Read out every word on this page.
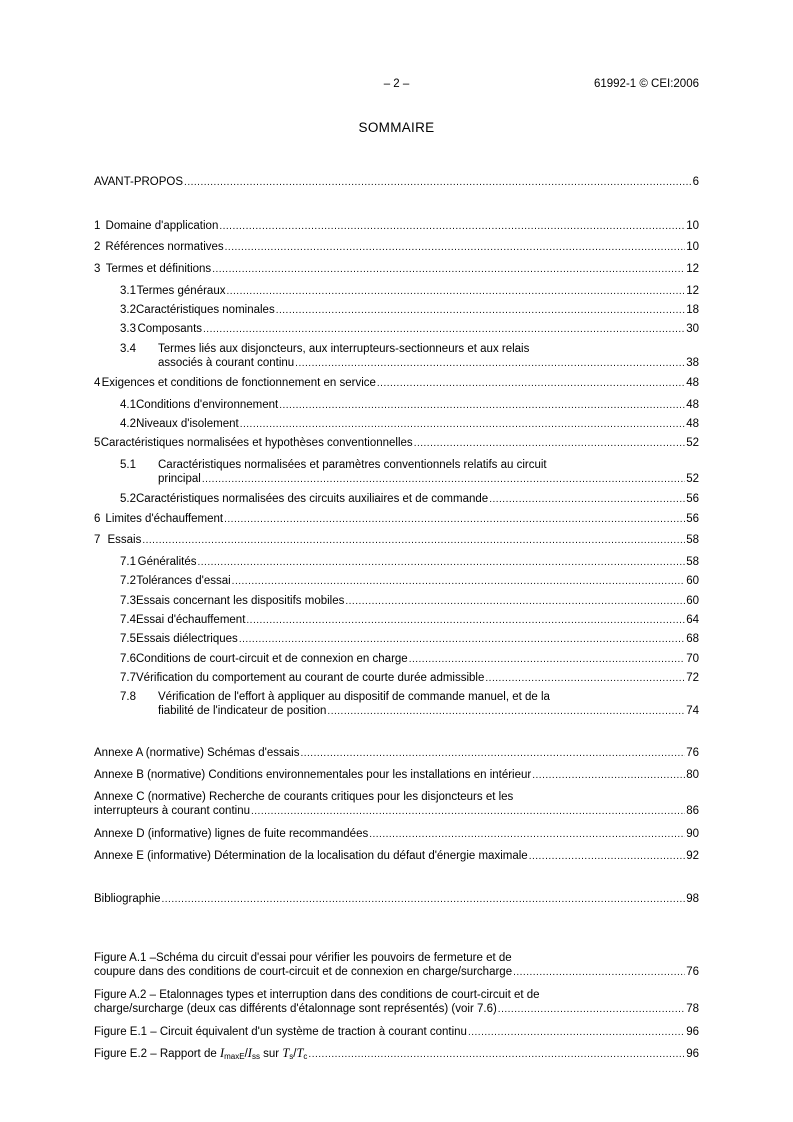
– 2 –	61992-1 © CEI:2006
SOMMAIRE
AVANT-PROPOS .....	6
1 Domaine d'application .....	10
2 Références normatives .....	10
3 Termes et définitions .....	12
3.1 Termes généraux .....	12
3.2 Caractéristiques nominales .....	18
3.3 Composants .....	30
3.4 Termes liés aux disjoncteurs, aux interrupteurs-sectionneurs et aux relais
associés à courant continu .....	38
4 Exigences et conditions de fonctionnement en service .....	48
4.1 Conditions d'environnement .....	48
4.2 Niveaux d'isolement .....	48
5 Caractéristiques normalisées et hypothèses conventionnelles .....	52
5.1 Caractéristiques normalisées et paramètres conventionnels relatifs au circuit
principal .....	52
5.2 Caractéristiques normalisées des circuits auxiliaires et de commande .....	56
6 Limites d'échauffement .....	56
7 Essais .....	58
7.1 Généralités .....	58
7.2 Tolérances d'essai .....	60
7.3 Essais concernant les dispositifs mobiles .....	60
7.4 Essai d'échauffement .....	64
7.5 Essais diélectriques .....	68
7.6 Conditions de court-circuit et de connexion en charge .....	70
7.7 Vérification du comportement au courant de courte durée admissible .....	72
7.8 Vérification de l'effort à appliquer au dispositif de commande manuel, et de la
fiabilité de l'indicateur de position .....	74
Annexe A (normative) Schémas d'essais .....	76
Annexe B (normative) Conditions environnementales pour les installations en intérieur .....	80
Annexe C (normative) Recherche de courants critiques pour les disjoncteurs et les
interrupteurs à courant continu .....	86
Annexe D (informative) lignes de fuite recommandées .....	90
Annexe E (informative) Détermination de la localisation du défaut d'énergie maximale .....	92
Bibliographie .....	98
Figure A.1 –Schéma du circuit d'essai pour vérifier les pouvoirs de fermeture et de
coupure dans des conditions de court-circuit et de connexion en charge/surcharge .....	76
Figure A.2 – Etalonnages types et interruption dans des conditions de court-circuit et de
charge/surcharge (deux cas différents d'étalonnage sont représentés) (voir 7.6) .....	78
Figure E.1 – Circuit équivalent d'un système de traction à courant continu .....	96
Figure E.2 – Rapport de $I_{maxE}/I_{ss}$ sur $T_s/T_c$ .....	96
